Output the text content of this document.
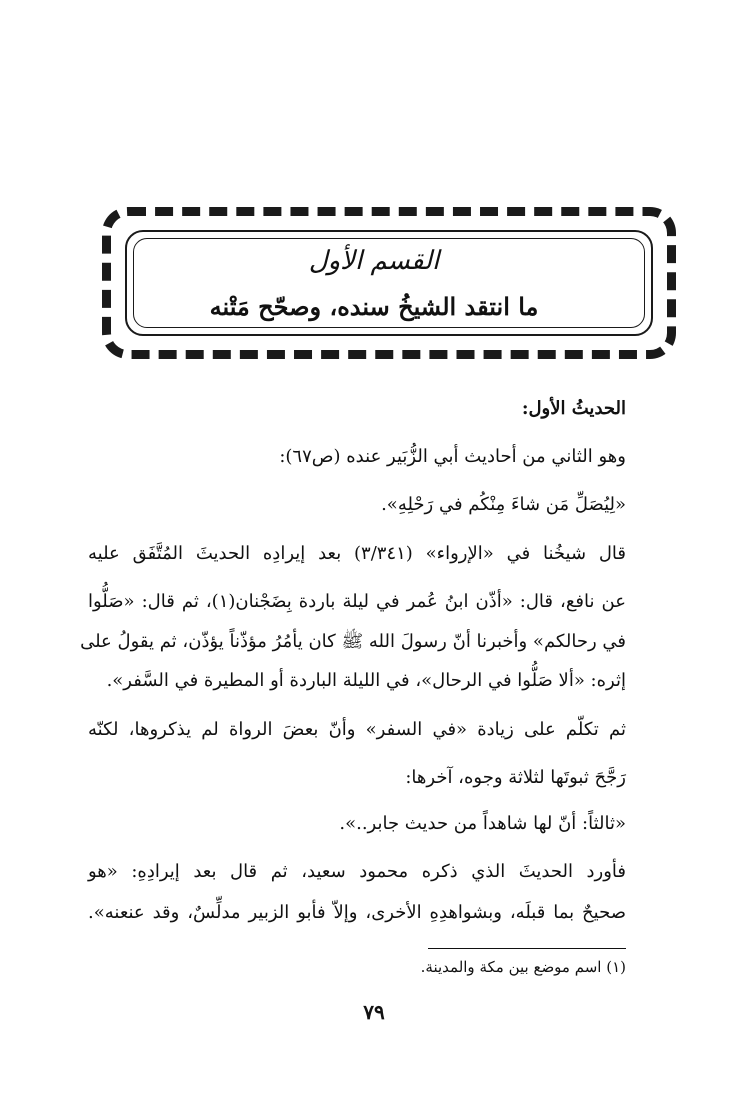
القسم الأول
ما انتقد الشيخُ سنده، وصحّح مَتْنه
الحديثُ الأول:
وهو الثاني من أحاديث أبي الزُّبَير عنده (ص٦٧):
«لِيُصَلِّ مَن شاءَ مِنْكُم في رَحْلِهِ».
قال شيخُنا في «الإرواء» (٣/٣٤١) بعد إيرادِه الحديثَ المُتَّفَق عليه
عن نافع، قال: «أذّن ابنُ عُمر في ليلة باردة بِضَجْنان(١)، ثم قال: «صَلُّوا
في رحالكم» وأخبرنا أنّ رسولَ الله ﷺ كان يأمُرُ مؤذّناً يؤذّن، ثم يقولُ على
إثره: «ألا صَلُّوا في الرحال»، في الليلة الباردة أو المطيرة في السَّفر».
ثم تكلّم على زيادة «في السفر» وأنّ بعضَ الرواة لم يذكروها، لكنّه
رَجَّحَ ثبوتَها لثلاثة وجوه، آخرها:
«ثالثاً: أنّ لها شاهداً من حديث جابر..».
فأورد الحديثَ الذي ذكره محمود سعيد، ثم قال بعد إيرادِهِ: «هو
صحيحٌ بما قبلَه، وبشواهدِهِ الأخرى، وإلاّ فأبو الزبير مدلِّسٌ، وقد عنعنه».
(١) اسم موضع بين مكة والمدينة.
٧٩
